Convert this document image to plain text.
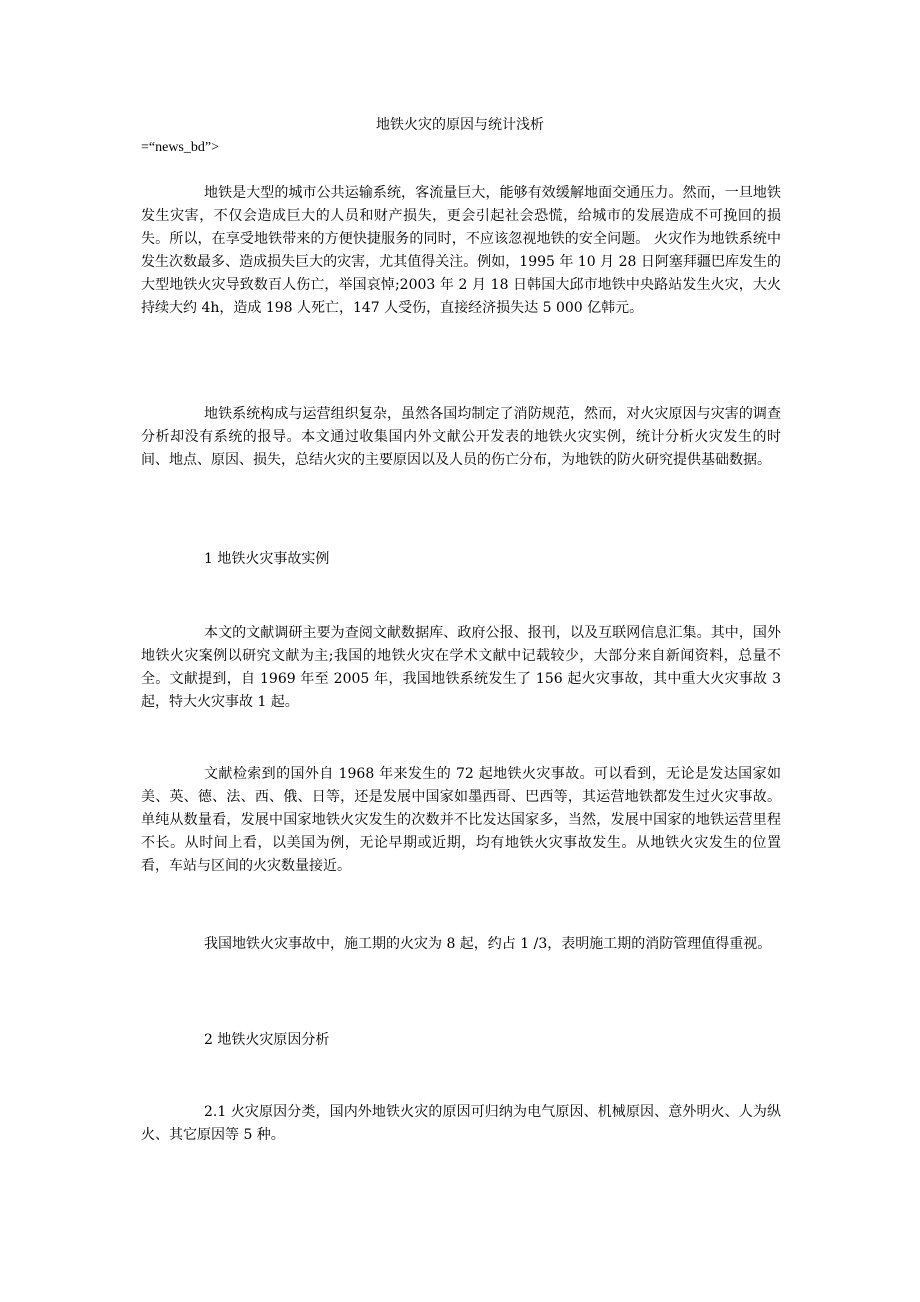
地铁火灾的原因与统计浅析
=“news_bd”>

地铁是大型的城市公共运输系统，客流量巨大，能够有效缓解地面交通压力。然而，一旦地铁发生灾害，不仅会造成巨大的人员和财产损失，更会引起社会恐慌，给城市的发展造成不可挽回的损失。所以，在享受地铁带来的方便快捷服务的同时，不应该忽视地铁的安全问题。 火灾作为地铁系统中发生次数最多、造成损失巨大的灾害，尤其值得关注。例如，1995 年 10 月 28 日阿塞拜疆巴库发生的大型地铁火灾导致数百人伤亡，举国哀悼;2003 年 2 月 18 日韩国大邱市地铁中央路站发生火灾，大火持续大约 4h，造成 198 人死亡，147 人受伤，直接经济损失达 5 000 亿韩元。

地铁系统构成与运营组织复杂，虽然各国均制定了消防规范，然而，对火灾原因与灾害的调查分析却没有系统的报导。本文通过收集国内外文献公开发表的地铁火灾实例，统计分析火灾发生的时间、地点、原因、损失，总结火灾的主要原因以及人员的伤亡分布，为地铁的防火研究提供基础数据。

1 地铁火灾事故实例

本文的文献调研主要为查阅文献数据库、政府公报、报刊，以及互联网信息汇集。其中，国外地铁火灾案例以研究文献为主;我国的地铁火灾在学术文献中记载较少，大部分来自新闻资料，总量不全。文献提到，自 1969 年至 2005 年，我国地铁系统发生了 156 起火灾事故，其中重大火灾事故 3 起，特大火灾事故 1 起。

文献检索到的国外自 1968 年来发生的 72 起地铁火灾事故。可以看到，无论是发达国家如美、英、德、法、西、俄、日等，还是发展中国家如墨西哥、巴西等，其运营地铁都发生过火灾事故。单纯从数量看，发展中国家地铁火灾发生的次数并不比发达国家多，当然，发展中国家的地铁运营里程不长。从时间上看，以美国为例，无论早期或近期，均有地铁火灾事故发生。从地铁火灾发生的位置看，车站与区间的火灾数量接近。

我国地铁火灾事故中，施工期的火灾为 8 起，约占 1 /3，表明施工期的消防管理值得重视。

2 地铁火灾原因分析

2.1 火灾原因分类，国内外地铁火灾的原因可归纳为电气原因、机械原因、意外明火、人为纵火、其它原因等 5 种。
